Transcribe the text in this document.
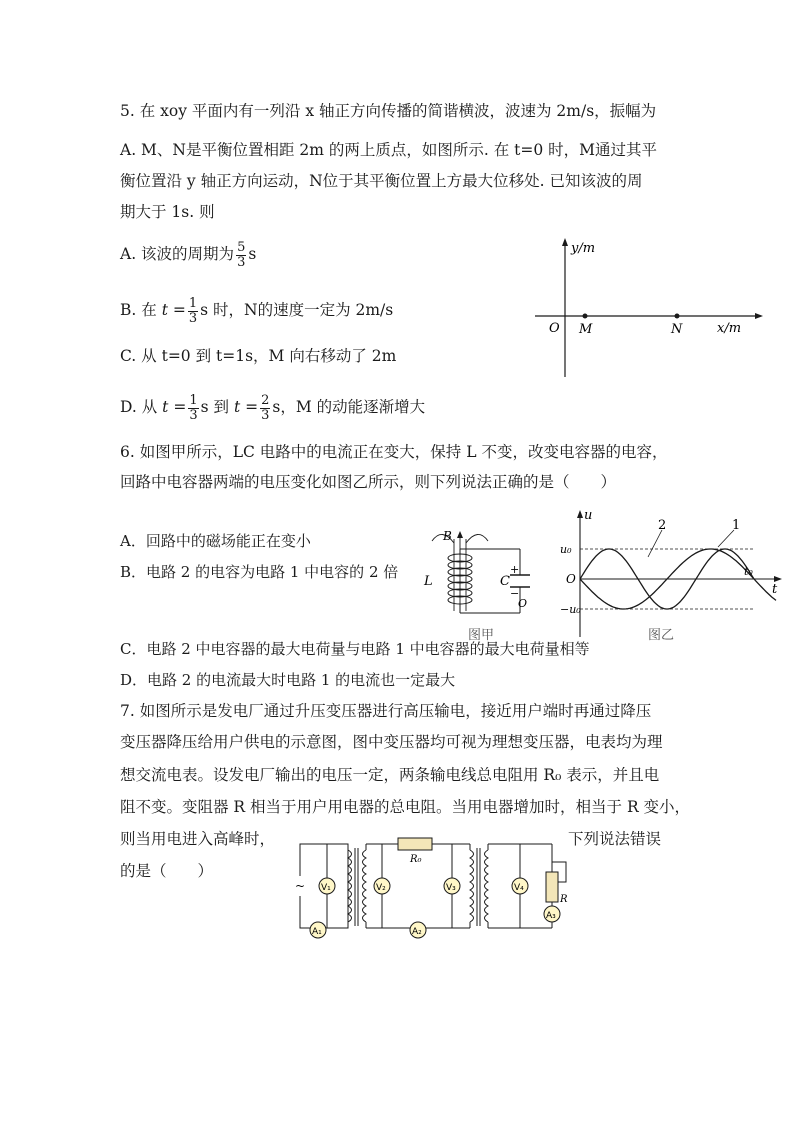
5. 在 xoy 平面内有一列沿 x 轴正方向传播的简谐横波，波速为 2m/s，振幅为
A. M、N是平衡位置相距 2m 的两上质点，如图所示. 在 t=0 时，M通过其平
衡位置沿 y 轴正方向运动，N位于其平衡位置上方最大位移处. 已知该波的周
期大于 1s. 则
A. 该波的周期为 $\frac{5}{3}$ s
B. 在 $t = \frac{1}{3}$ s 时，N的速度一定为 2m/s
C. 从 t=0 到 t=1s，M 向右移动了 2m
D. 从 $t = \frac{1}{3}$ s 到 $t = \frac{2}{3}$ s，M 的动能逐渐增大
y/m
x/m
O M	N
6. 如图甲所示，LC 电路中的电流正在变大，保持 L 不变，改变电容器的电容，
回路中电容器两端的电压变化如图乙所示，则下列说法正确的是（　　）
A．回路中的磁场能正在变小
B．电路 2 的电容为电路 1 中电容的 2 倍
C．电路 2 中电容器的最大电荷量与电路 1 中电容器的最大电荷量相等
D．电路 2 的电流最大时电路 1 的电流也一定最大
B
L	C
+
−
O
图甲
2	1
u
u₀
−u₀
O
t
t₀
图乙
7. 如图所示是发电厂通过升压变压器进行高压输电，接近用户端时再通过降压
变压器降压给用户供电的示意图，图中变压器均可视为理想变压器，电表均为理
想交流电表。设发电厂输出的电压一定，两条输电线总电阻用 R₀ 表示，并且电
阻不变。变阻器 R 相当于用户用电器的总电阻。当用电器增加时，相当于 R 变小，
则当用电进入高峰时，	下列说法错误
的是（　　）
R₀
R
~ V₁	V₂	V₃	V₄
A₁	A₂
A₃
